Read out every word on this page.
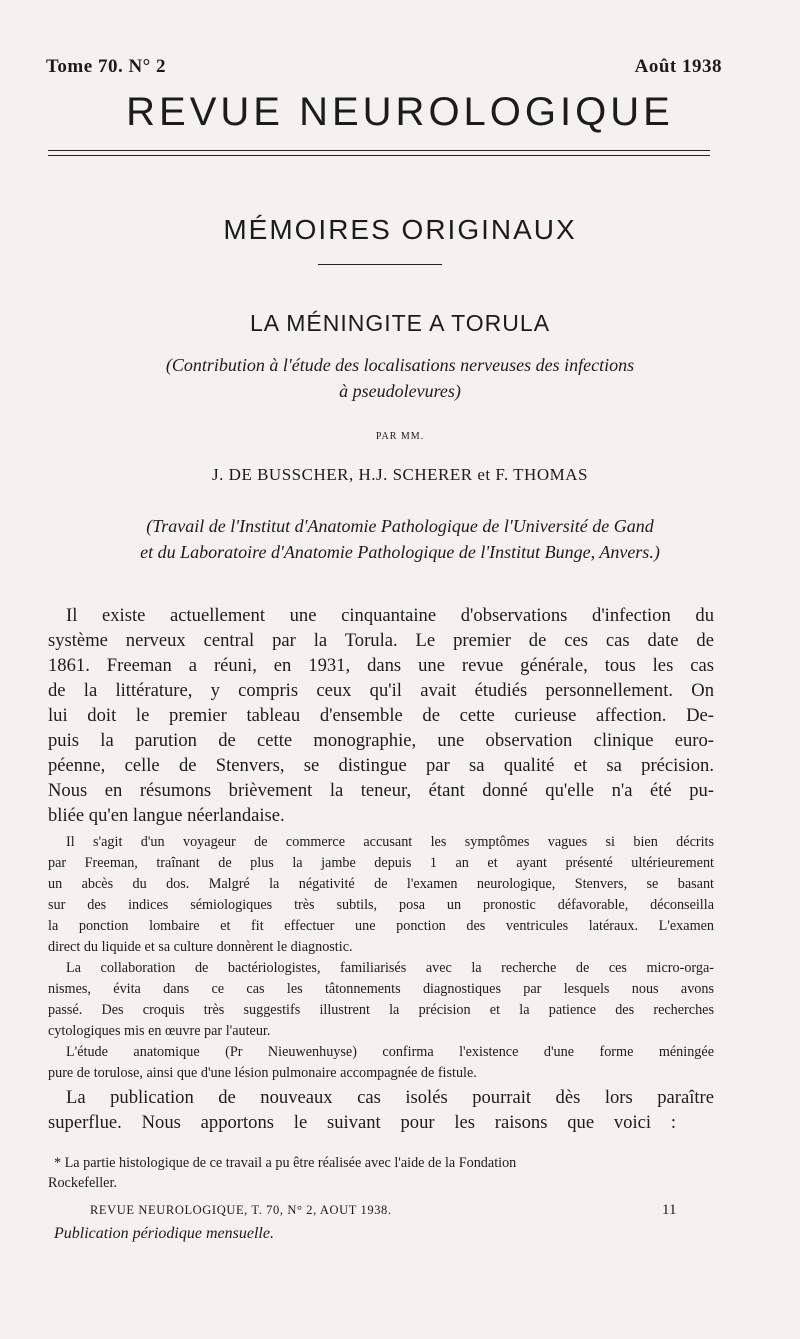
Tome 70. N° 2	Août 1938
REVUE NEUROLOGIQUE
MÉMOIRES ORIGINAUX
LA MÉNINGITE A TORULA
(Contribution à l'étude des localisations nerveuses des infections
à pseudolevures)
PAR MM.
J. DE BUSSCHER, H.J. SCHERER et F. THOMAS
(Travail de l'Institut d'Anatomie Pathologique de l'Université de Gand
et du Laboratoire d'Anatomie Pathologique de l'Institut Bunge, Anvers.)
Il existe actuellement une cinquantaine d'observations d'infection du
système nerveux central par la Torula. Le premier de ces cas date de
1861. Freeman a réuni, en 1931, dans une revue générale, tous les cas
de la littérature, y compris ceux qu'il avait étudiés personnellement. On
lui doit le premier tableau d'ensemble de cette curieuse affection. De-
puis la parution de cette monographie, une observation clinique euro-
péenne, celle de Stenvers, se distingue par sa qualité et sa précision.
Nous en résumons brièvement la teneur, étant donné qu'elle n'a été pu-
bliée qu'en langue néerlandaise.
Il s'agit d'un voyageur de commerce accusant les symptômes vagues si bien décrits
par Freeman, traînant de plus la jambe depuis 1 an et ayant présenté ultérieurement
un abcès du dos. Malgré la négativité de l'examen neurologique, Stenvers, se basant
sur des indices sémiologiques très subtils, posa un pronostic défavorable, déconseilla
la ponction lombaire et fit effectuer une ponction des ventricules latéraux. L'examen
direct du liquide et sa culture donnèrent le diagnostic.
La collaboration de bactériologistes, familiarisés avec la recherche de ces micro-orga-
nismes, évita dans ce cas les tâtonnements diagnostiques par lesquels nous avons
passé. Des croquis très suggestifs illustrent la précision et la patience des recherches
cytologiques mis en œuvre par l'auteur.
L'étude anatomique (Pr Nieuwenhuyse) confirma l'existence d'une forme méningée
pure de torulose, ainsi que d'une lésion pulmonaire accompagnée de fistule.
La publication de nouveaux cas isolés pourrait dès lors paraître
superflue. Nous apportons le suivant pour les raisons que voici :
* La partie histologique de ce travail a pu être réalisée avec l'aide de la Fondation
Rockefeller.
REVUE NEUROLOGIQUE, T. 70, N° 2, AOUT 1938.	11
Publication périodique mensuelle.
